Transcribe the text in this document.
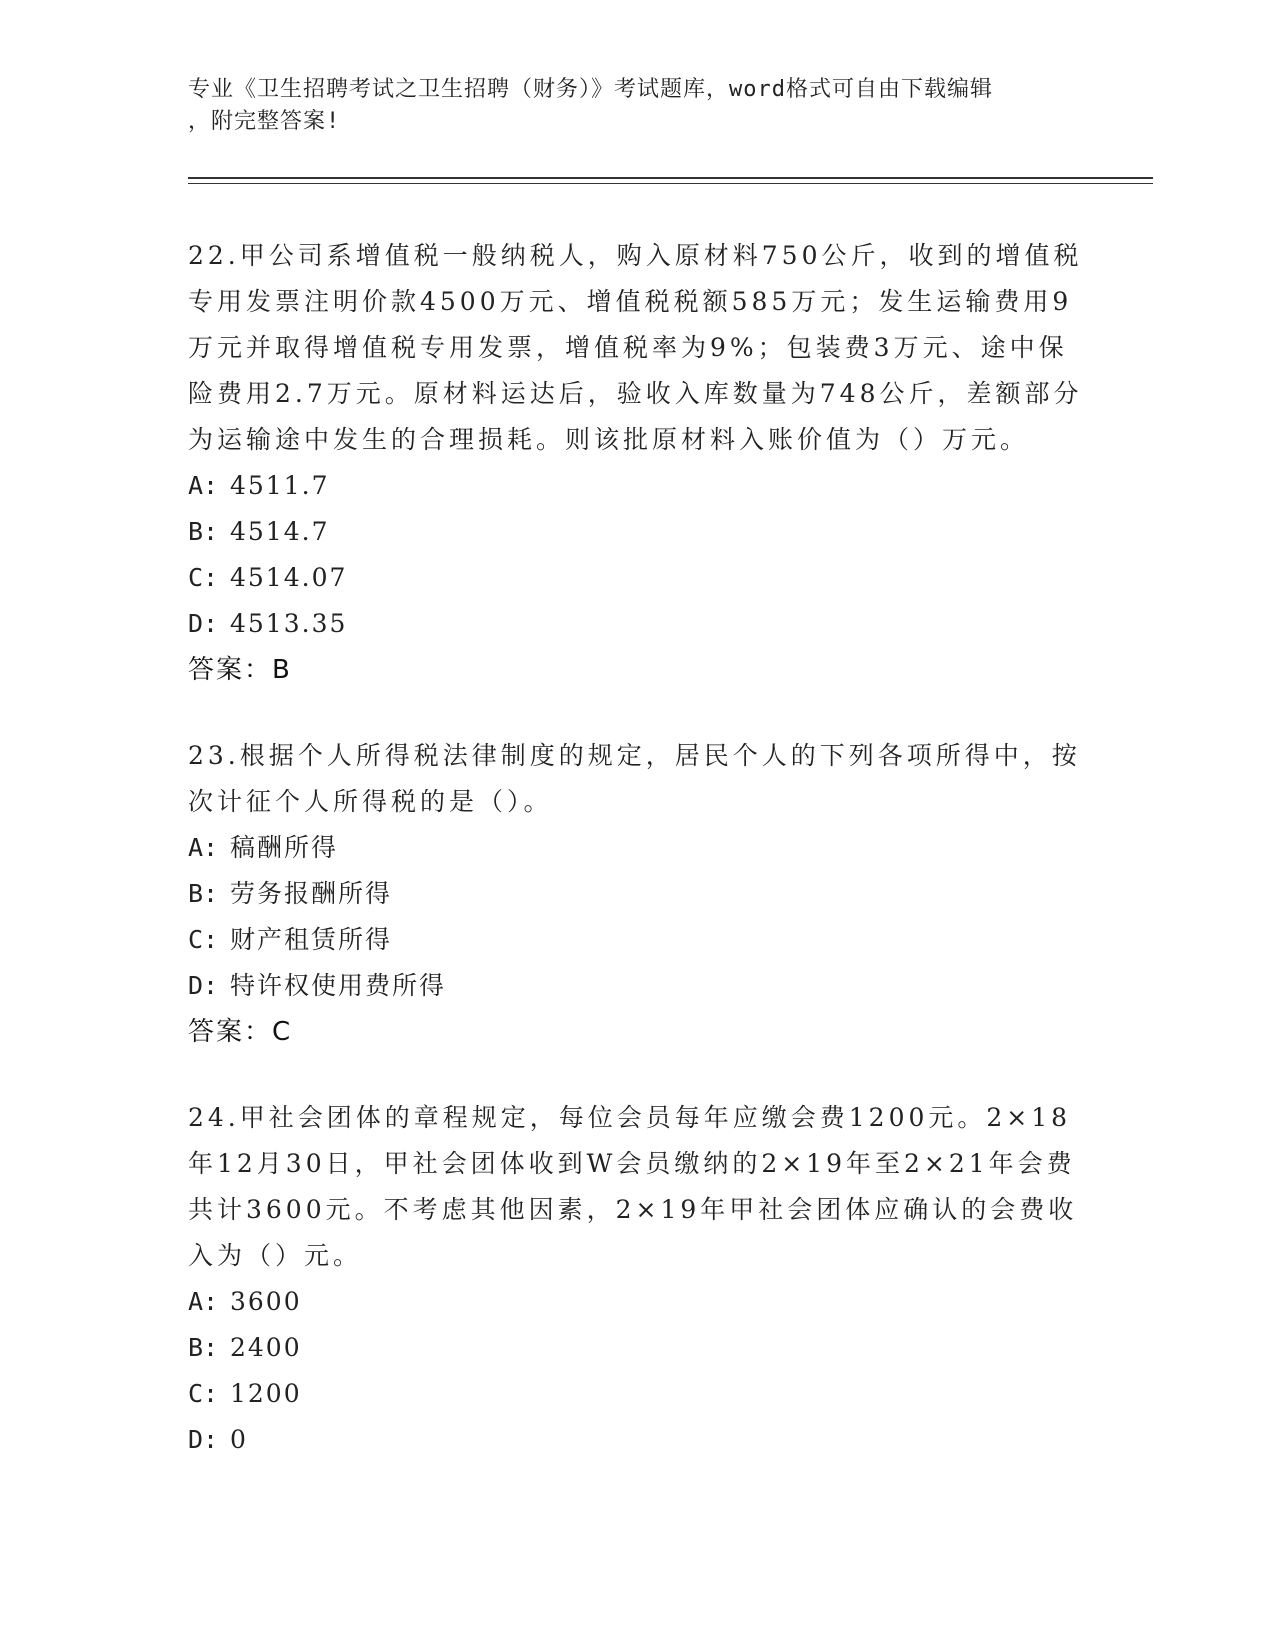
专业《卫生招聘考试之卫生招聘（财务）》考试题库，word格式可自由下载编辑
，附完整答案!

22.甲公司系增值税一般纳税人，购入原材料750公斤，收到的增值税专用发票注明价款4500万元、增值税税额585万元；发生运输费用9万元并取得增值税专用发票，增值税率为9%；包装费3万元、途中保险费用2.7万元。原材料运达后，验收入库数量为748公斤，差额部分为运输途中发生的合理损耗。则该批原材料入账价值为（）万元。

A: 4511.7

B: 4514.7

C: 4514.07

D: 4513.35

答案：B

23.根据个人所得税法律制度的规定，居民个人的下列各项所得中，按次计征个人所得税的是（）。

A: 稿酬所得

B: 劳务报酬所得

C: 财产租赁所得

D: 特许权使用费所得

答案：C

24.甲社会团体的章程规定，每位会员每年应缴会费1200元。2×18年12月30日，甲社会团体收到W会员缴纳的2×19年至2×21年会费共计3600元。不考虑其他因素，2×19年甲社会团体应确认的会费收入为（）元。

A: 3600

B: 2400

C: 1200

D: 0
